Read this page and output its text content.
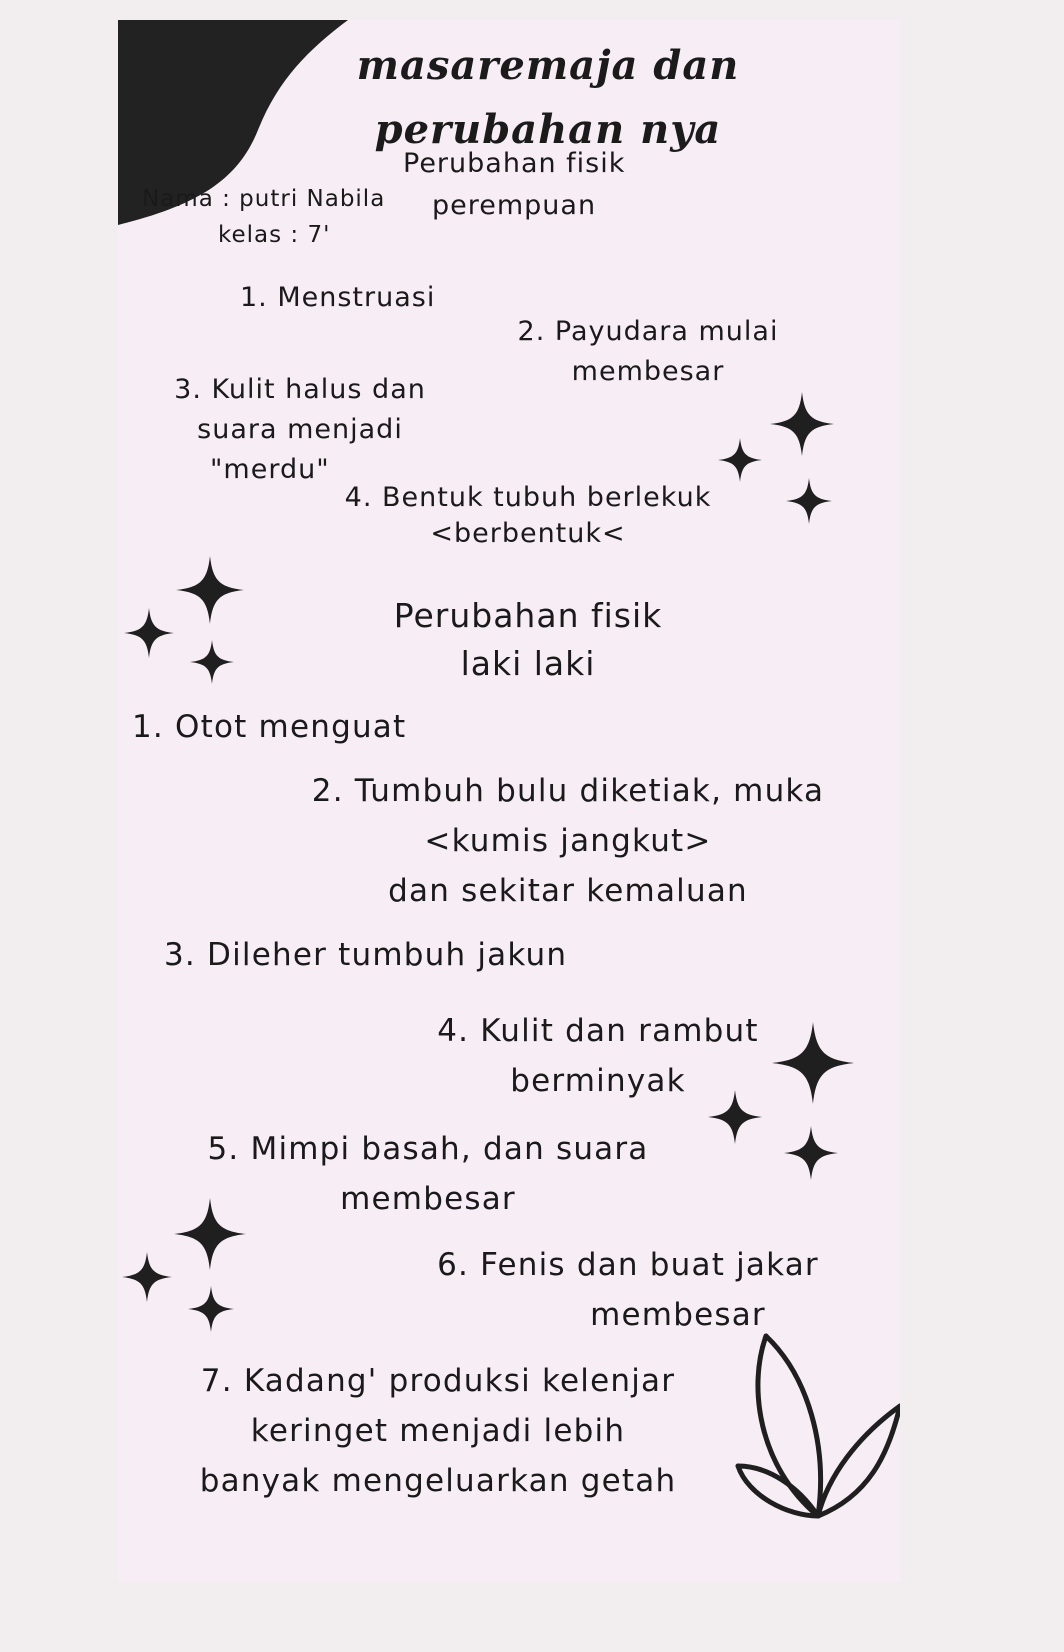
masaremaja dan
perubahan nya
Nama : putri Nabila
kelas : 7'
Perubahan fisik
perempuan
1. Menstruasi
2. Payudara mulai
membesar
3. Kulit halus dan
suara menjadi
"merdu"
4. Bentuk tubuh berlekuk
<berbentuk<
Perubahan fisik
laki laki
1. Otot menguat
2. Tumbuh bulu diketiak, muka
<kumis jangkut>
dan sekitar kemaluan
3. Dileher tumbuh jakun
4. Kulit dan rambut
berminyak
5. Mimpi basah, dan suara
membesar
6. Fenis dan buat jakar
membesar
7. Kadang' produksi kelenjar
keringet menjadi lebih
banyak mengeluarkan getah
